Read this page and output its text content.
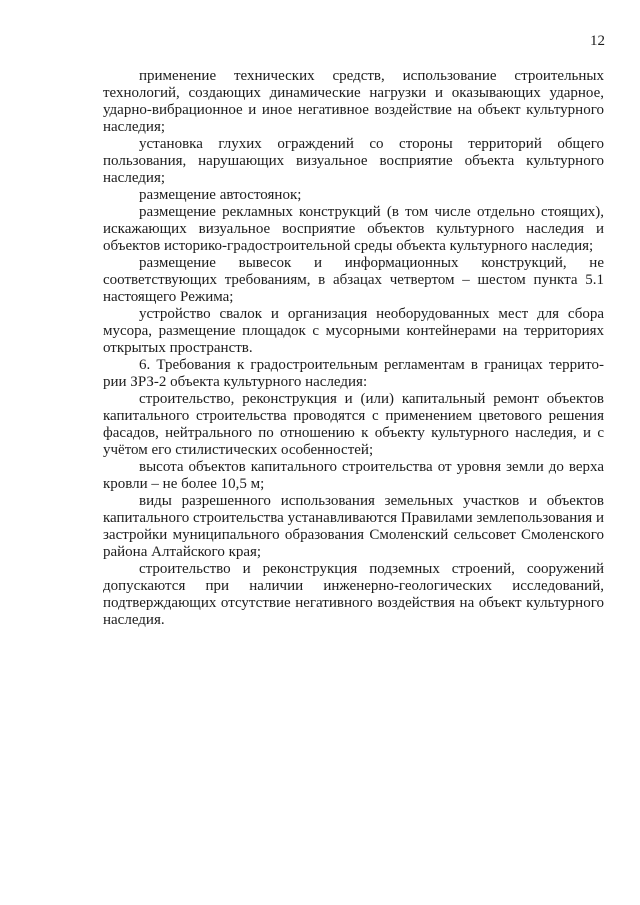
12

применение технических средств, использование строительных
технологий, создающих динамические нагрузки и оказывающих ударное,
ударно-вибрационное и иное негативное воздействие на объект культурного
наследия;

установка глухих ограждений со стороны территорий общего
пользования, нарушающих визуальное восприятие объекта культурного
наследия;

размещение автостоянок;

размещение рекламных конструкций (в том числе отдельно стоящих),
искажающих визуальное восприятие объектов культурного наследия и
объектов историко-градостроительной среды объекта культурного наследия;

размещение вывесок и информационных конструкций, не
соответствующих требованиям, в абзацах четвертом – шестом пункта 5.1
настоящего Режима;

устройство свалок и организация необорудованных мест для сбора
мусора, размещение площадок с мусорными контейнерами на территориях
открытых пространств.

6. Требования к градостроительным регламентам в границах террито-
рии ЗРЗ-2 объекта культурного наследия:

строительство, реконструкция и (или) капитальный ремонт объектов
капитального строительства проводятся с применением цветового решения
фасадов, нейтрального по отношению к объекту культурного наследия, и с
учётом его стилистических особенностей;

высота объектов капитального строительства от уровня земли до верха
кровли – не более 10,5 м;

виды разрешенного использования земельных участков и объектов
капитального строительства устанавливаются Правилами землепользования и
застройки муниципального образования Смоленский сельсовет Смоленского
района Алтайского края;

строительство и реконструкция подземных строений, сооружений
допускаются при наличии инженерно-геологических исследований,
подтверждающих отсутствие негативного воздействия на объект культурного
наследия.
